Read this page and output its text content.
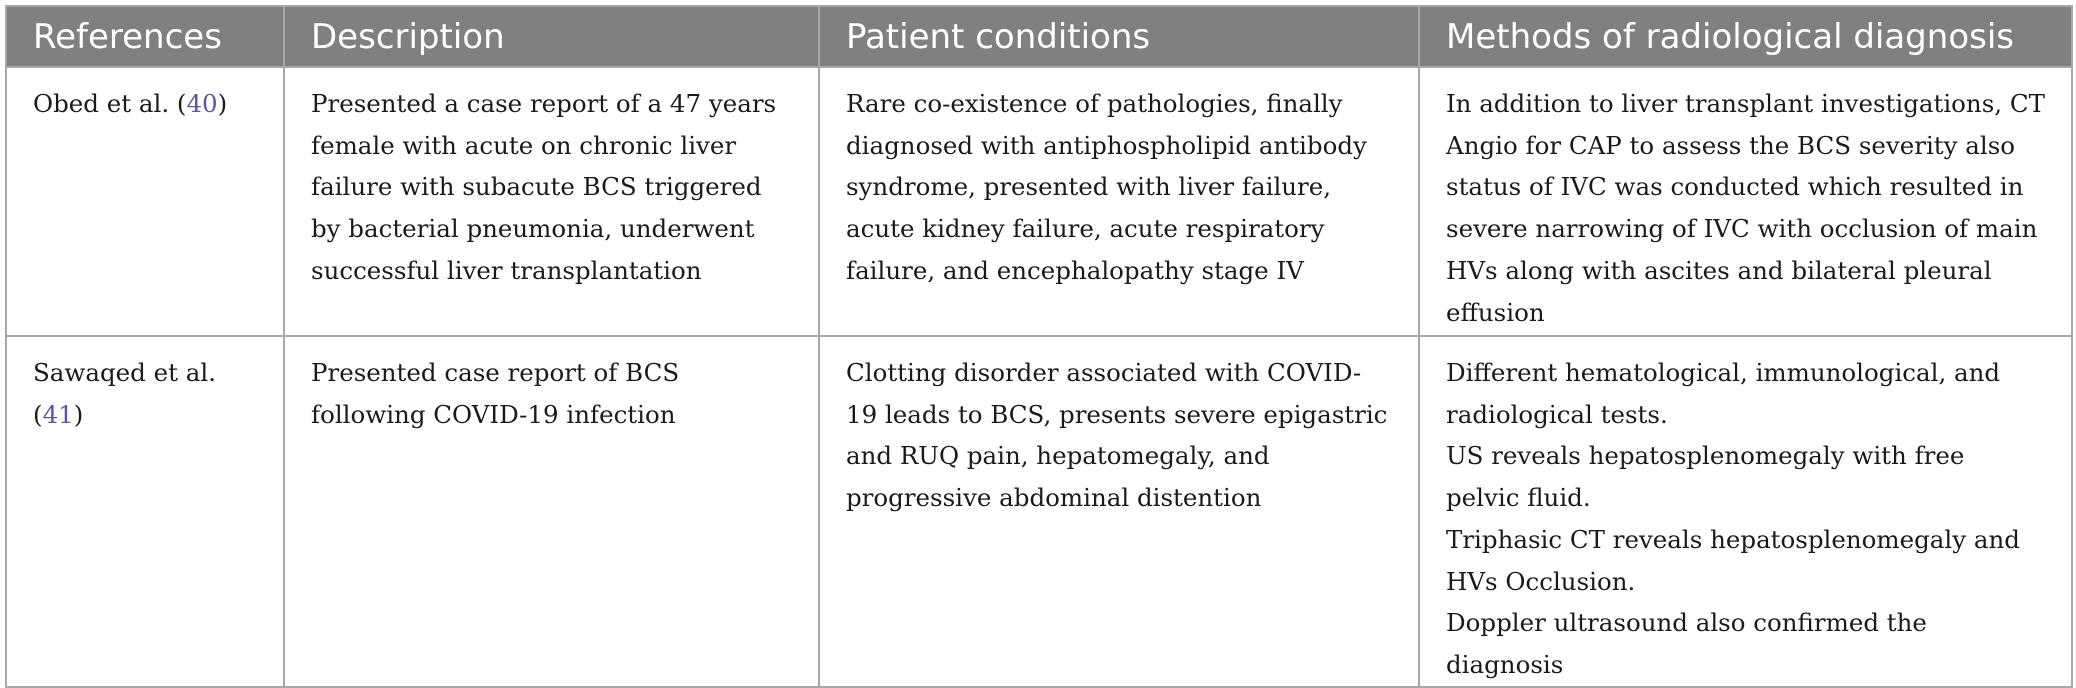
References	Description	Patient conditions	Methods of radiological diagnosis
Obed et al. (40)	Presented a case report of a 47 years female with acute on chronic liver failure with subacute BCS triggered by bacterial pneumonia, underwent successful liver transplantation	Rare co-existence of pathologies, finally diagnosed with antiphospholipid antibody syndrome, presented with liver failure, acute kidney failure, acute respiratory failure, and encephalopathy stage IV	In addition to liver transplant investigations, CT Angio for CAP to assess the BCS severity also status of IVC was conducted which resulted in severe narrowing of IVC with occlusion of main HVs along with ascites and bilateral pleural effusion

Sawaqed et al. (41)	Presented case report of BCS following COVID-19 infection	Clotting disorder associated with COVID-19 leads to BCS, presents severe epigastric and RUQ pain, hepatomegaly, and progressive abdominal distention	Different hematological, immunological, and radiological tests.

US reveals hepatosplenomegaly with free pelvic fluid.

Triphasic CT reveals hepatosplenomegaly and HVs Occlusion.

Doppler ultrasound also confirmed the diagnosis
